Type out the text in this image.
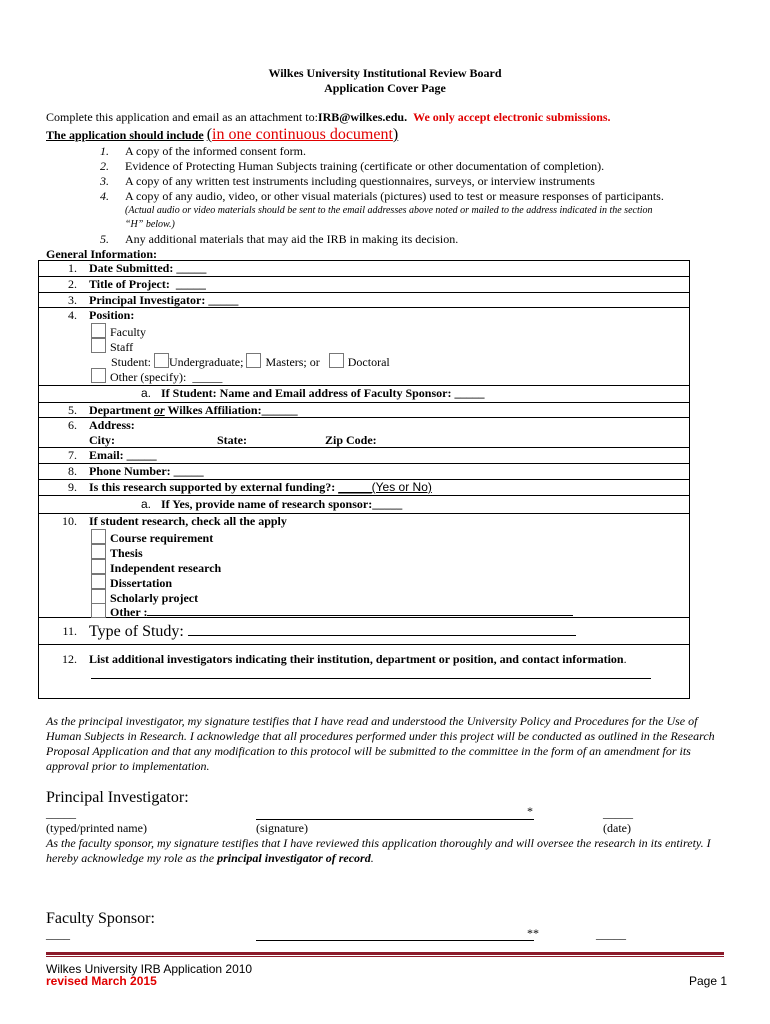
Wilkes University Institutional Review Board
Application Cover Page
Complete this application and email as an attachment to:IRB@wilkes.edu. We only accept electronic submissions.
The application should include (in one continuous document)
1. A copy of the informed consent form.
2. Evidence of Protecting Human Subjects training (certificate or other documentation of completion).
3. A copy of any written test instruments including questionnaires, surveys, or interview instruments
4. A copy of any audio, video, or other visual materials (pictures) used to test or measure responses of participants.
(Actual audio or video materials should be sent to the email addresses above noted or mailed to the address indicated in the section
“H” below.)
5. Any additional materials that may aid the IRB in making its decision.
General Information:
1. Date Submitted: _____
2. Title of Project: _____
3. Principal Investigator: _____
4. Position:
Faculty
Staff
Student: Undergraduate; Masters; or Doctoral
Other (specify): _____
a. If Student: Name and Email address of Faculty Sponsor: _____
5. Department or Wilkes Affiliation:______
6. Address:
City:	State:	Zip Code:
7. Email: _____
8. Phone Number: _____
9. Is this research supported by external funding?: _____(Yes or No)
a. If Yes, provide name of research sponsor:_____
10. If student research, check all the apply
Course requirement
Thesis
Independent research
Dissertation
Scholarly project
Other :
11. Type of Study:
12. List additional investigators indicating their institution, department or position, and contact information.
As the principal investigator, my signature testifies that I have read and understood the University Policy and Procedures for the Use of Human Subjects in Research. I acknowledge that all procedures performed under this project will be conducted as outlined in the Research Proposal Application and that any modification to this protocol will be submitted to the committee in the form of an amendment for its approval prior to implementation.
Principal Investigator:
_____	*	_____
(typed/printed name)	(signature)	(date)
As the faculty sponsor, my signature testifies that I have reviewed this application thoroughly and will oversee the research in its entirety. I hereby acknowledge my role as the principal investigator of record.
Faculty Sponsor:
____	**	_____
Wilkes University IRB Application 2010
revised March 2015	Page 1
